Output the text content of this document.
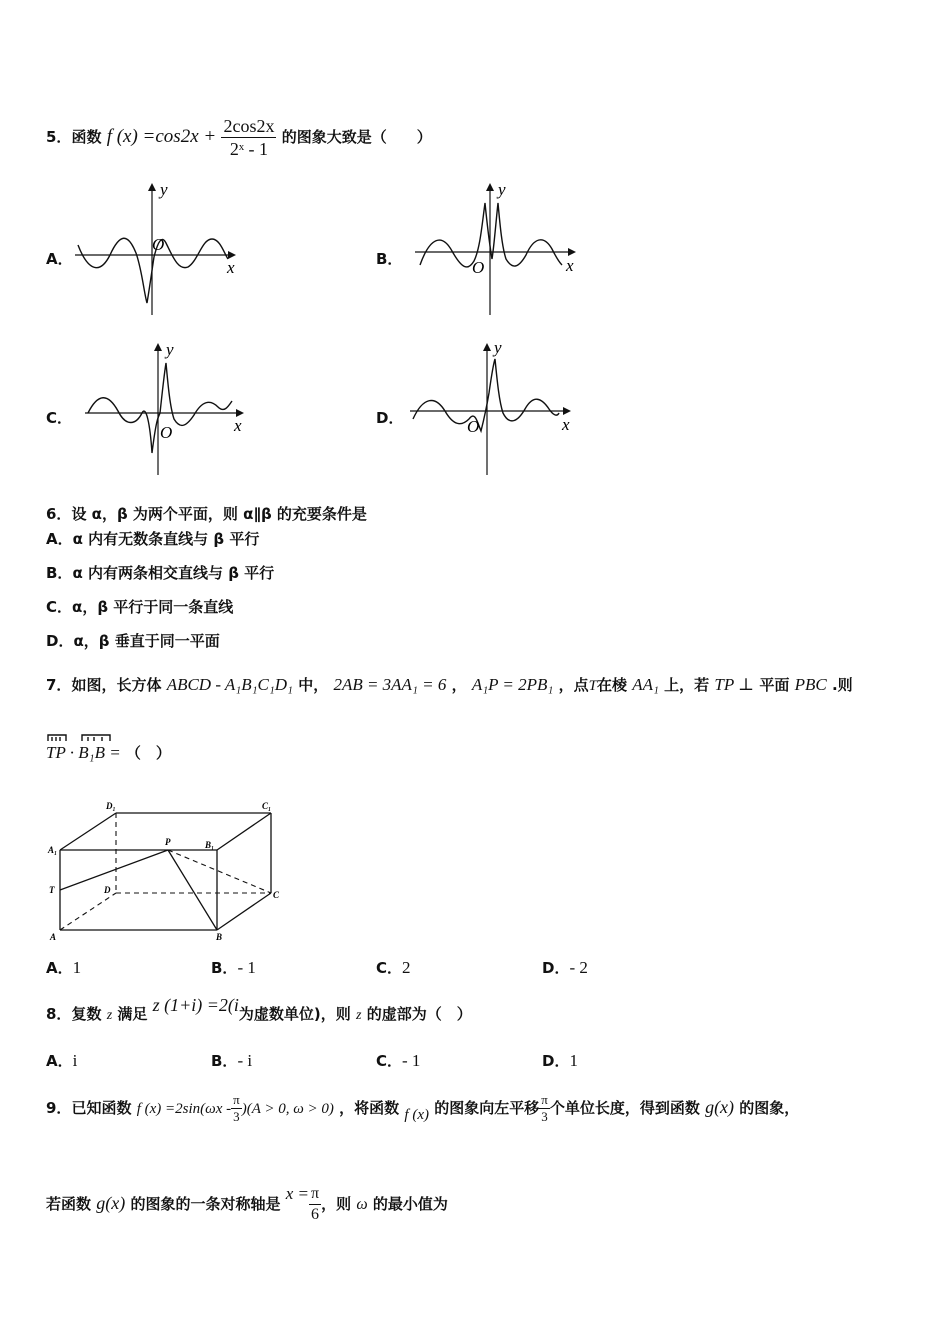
5．函数 f $(x) =\cos 2x + \frac{2\cos 2x}{\text{2ˣ - 1}}$ 的图象大致是（　　）
A．	B．
C．	D．
O
x
y
O	x
y
O	x
y
O	x
y
6．设 α，β 为两个平面，则 α∥β 的充要条件是
A．α 内有无数条直线与 β 平行
B．α 内有两条相交直线与 β 平行
C．α，β 平行于同一条直线
D．α，β 垂直于同一平面
7．如图，长方体 ABCD - A₁B₁C₁D₁ 中， 2AB = 3AA₁ = 6 ， A₁P = 2PB₁ ，点T在棱 AA₁ 上，若 TP ⊥ 平面 PBC .则
TP · B₁B = （　）
A	B
C
D
A₁	B₁
C₁
D₁
P
T
A．1	B．- 1	C．2	D．- 2
8．复数 z 满足 z (1+i) =2(i为虚数单位)，则 z 的虚部为（　）
A．i	B．- i	C．- 1	D．1
9．已知函数 f $(x) =2\sin(\omega x - \frac{\pi}{3} )(A > 0$, ω > 0) ，将函数 f (x) 的图象向左平移 $\frac{\pi}{3}$ 个单位长度，得到函数 g(x) 的图象，
若函数 g(x) 的图象的一条对称轴是 $x = \frac{\pi}{6}$ ，则 ω 的最小值为
